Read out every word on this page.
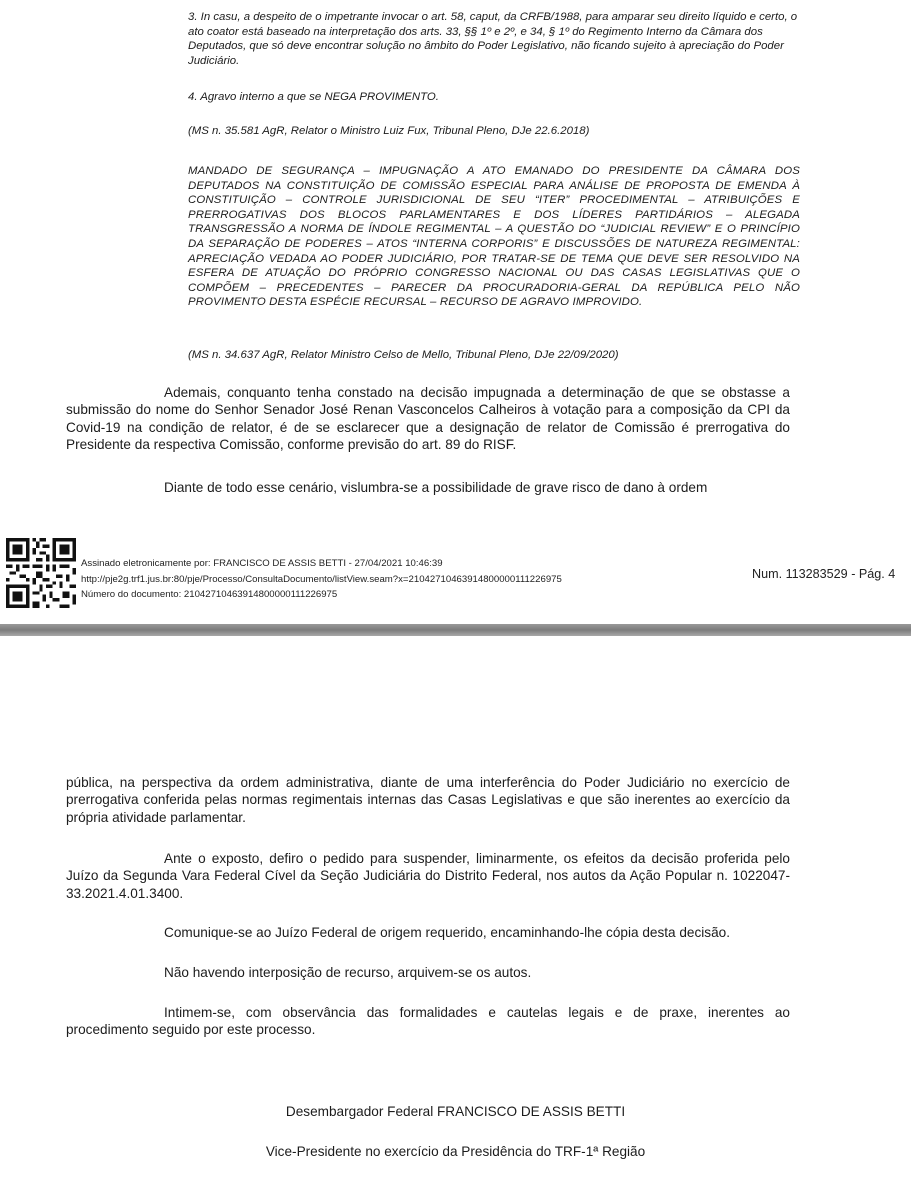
3. In casu, a despeito de o impetrante invocar o art. 58, caput, da CRFB/1988, para amparar seu direito líquido e certo, o ato coator está baseado na interpretação dos arts. 33, §§ 1º e 2º, e 34, § 1º do Regimento Interno da Câmara dos Deputados, que só deve encontrar solução no âmbito do Poder Legislativo, não ficando sujeito à apreciação do Poder Judiciário.

4. Agravo interno a que se NEGA PROVIMENTO.

(MS n. 35.581 AgR, Relator o Ministro Luiz Fux, Tribunal Pleno, DJe 22.6.2018)

MANDADO DE SEGURANÇA – IMPUGNAÇÃO A ATO EMANADO DO PRESIDENTE DA CÂMARA DOS DEPUTADOS NA CONSTITUIÇÃO DE COMISSÃO ESPECIAL PARA ANÁLISE DE PROPOSTA DE EMENDA À CONSTITUIÇÃO – CONTROLE JURISDICIONAL DE SEU “ITER” PROCEDIMENTAL – ATRIBUIÇÕES E PRERROGATIVAS DOS BLOCOS PARLAMENTARES E DOS LÍDERES PARTIDÁRIOS – ALEGADA TRANSGRESSÃO A NORMA DE ÍNDOLE REGIMENTAL – A QUESTÃO DO “JUDICIAL REVIEW” E O PRINCÍPIO DA SEPARAÇÃO DE PODERES – ATOS “INTERNA CORPORIS” E DISCUSSÕES DE NATUREZA REGIMENTAL: APRECIAÇÃO VEDADA AO PODER JUDICIÁRIO, POR TRATAR-SE DE TEMA QUE DEVE SER RESOLVIDO NA ESFERA DE ATUAÇÃO DO PRÓPRIO CONGRESSO NACIONAL OU DAS CASAS LEGISLATIVAS QUE O COMPÕEM – PRECEDENTES – PARECER DA PROCURADORIA-GERAL DA REPÚBLICA PELO NÃO PROVIMENTO DESTA ESPÉCIE RECURSAL – RECURSO DE AGRAVO IMPROVIDO.

(MS n. 34.637 AgR, Relator Ministro Celso de Mello, Tribunal Pleno, DJe 22/09/2020)

Ademais, conquanto tenha constado na decisão impugnada a determinação de que se obstasse a submissão do nome do Senhor Senador José Renan Vasconcelos Calheiros à votação para a composição da CPI da Covid-19 na condição de relator, é de se esclarecer que a designação de relator de Comissão é prerrogativa do Presidente da respectiva Comissão, conforme previsão do art. 89 do RISF.

Diante de todo esse cenário, vislumbra-se a possibilidade de grave risco de dano à ordem

Assinado eletronicamente por: FRANCISCO DE ASSIS BETTI - 27/04/2021 10:46:39
http://pje2g.trf1.jus.br:80/pje/Processo/ConsultaDocumento/listView.seam?x=21042710463914800000111226975
Número do documento: 21042710463914800000111226975
Num. 113283529 - Pág. 4

pública, na perspectiva da ordem administrativa, diante de uma interferência do Poder Judiciário no exercício de prerrogativa conferida pelas normas regimentais internas das Casas Legislativas e que são inerentes ao exercício da própria atividade parlamentar.

Ante o exposto, defiro o pedido para suspender, liminarmente, os efeitos da decisão proferida pelo Juízo da Segunda Vara Federal Cível da Seção Judiciária do Distrito Federal, nos autos da Ação Popular n. 1022047-33.2021.4.01.3400.

Comunique-se ao Juízo Federal de origem requerido, encaminhando-lhe cópia desta decisão.

Não havendo interposição de recurso, arquivem-se os autos.

Intimem-se, com observância das formalidades e cautelas legais e de praxe, inerentes ao procedimento seguido por este processo.

Desembargador Federal FRANCISCO DE ASSIS BETTI

Vice-Presidente no exercício da Presidência do TRF-1ª Região
